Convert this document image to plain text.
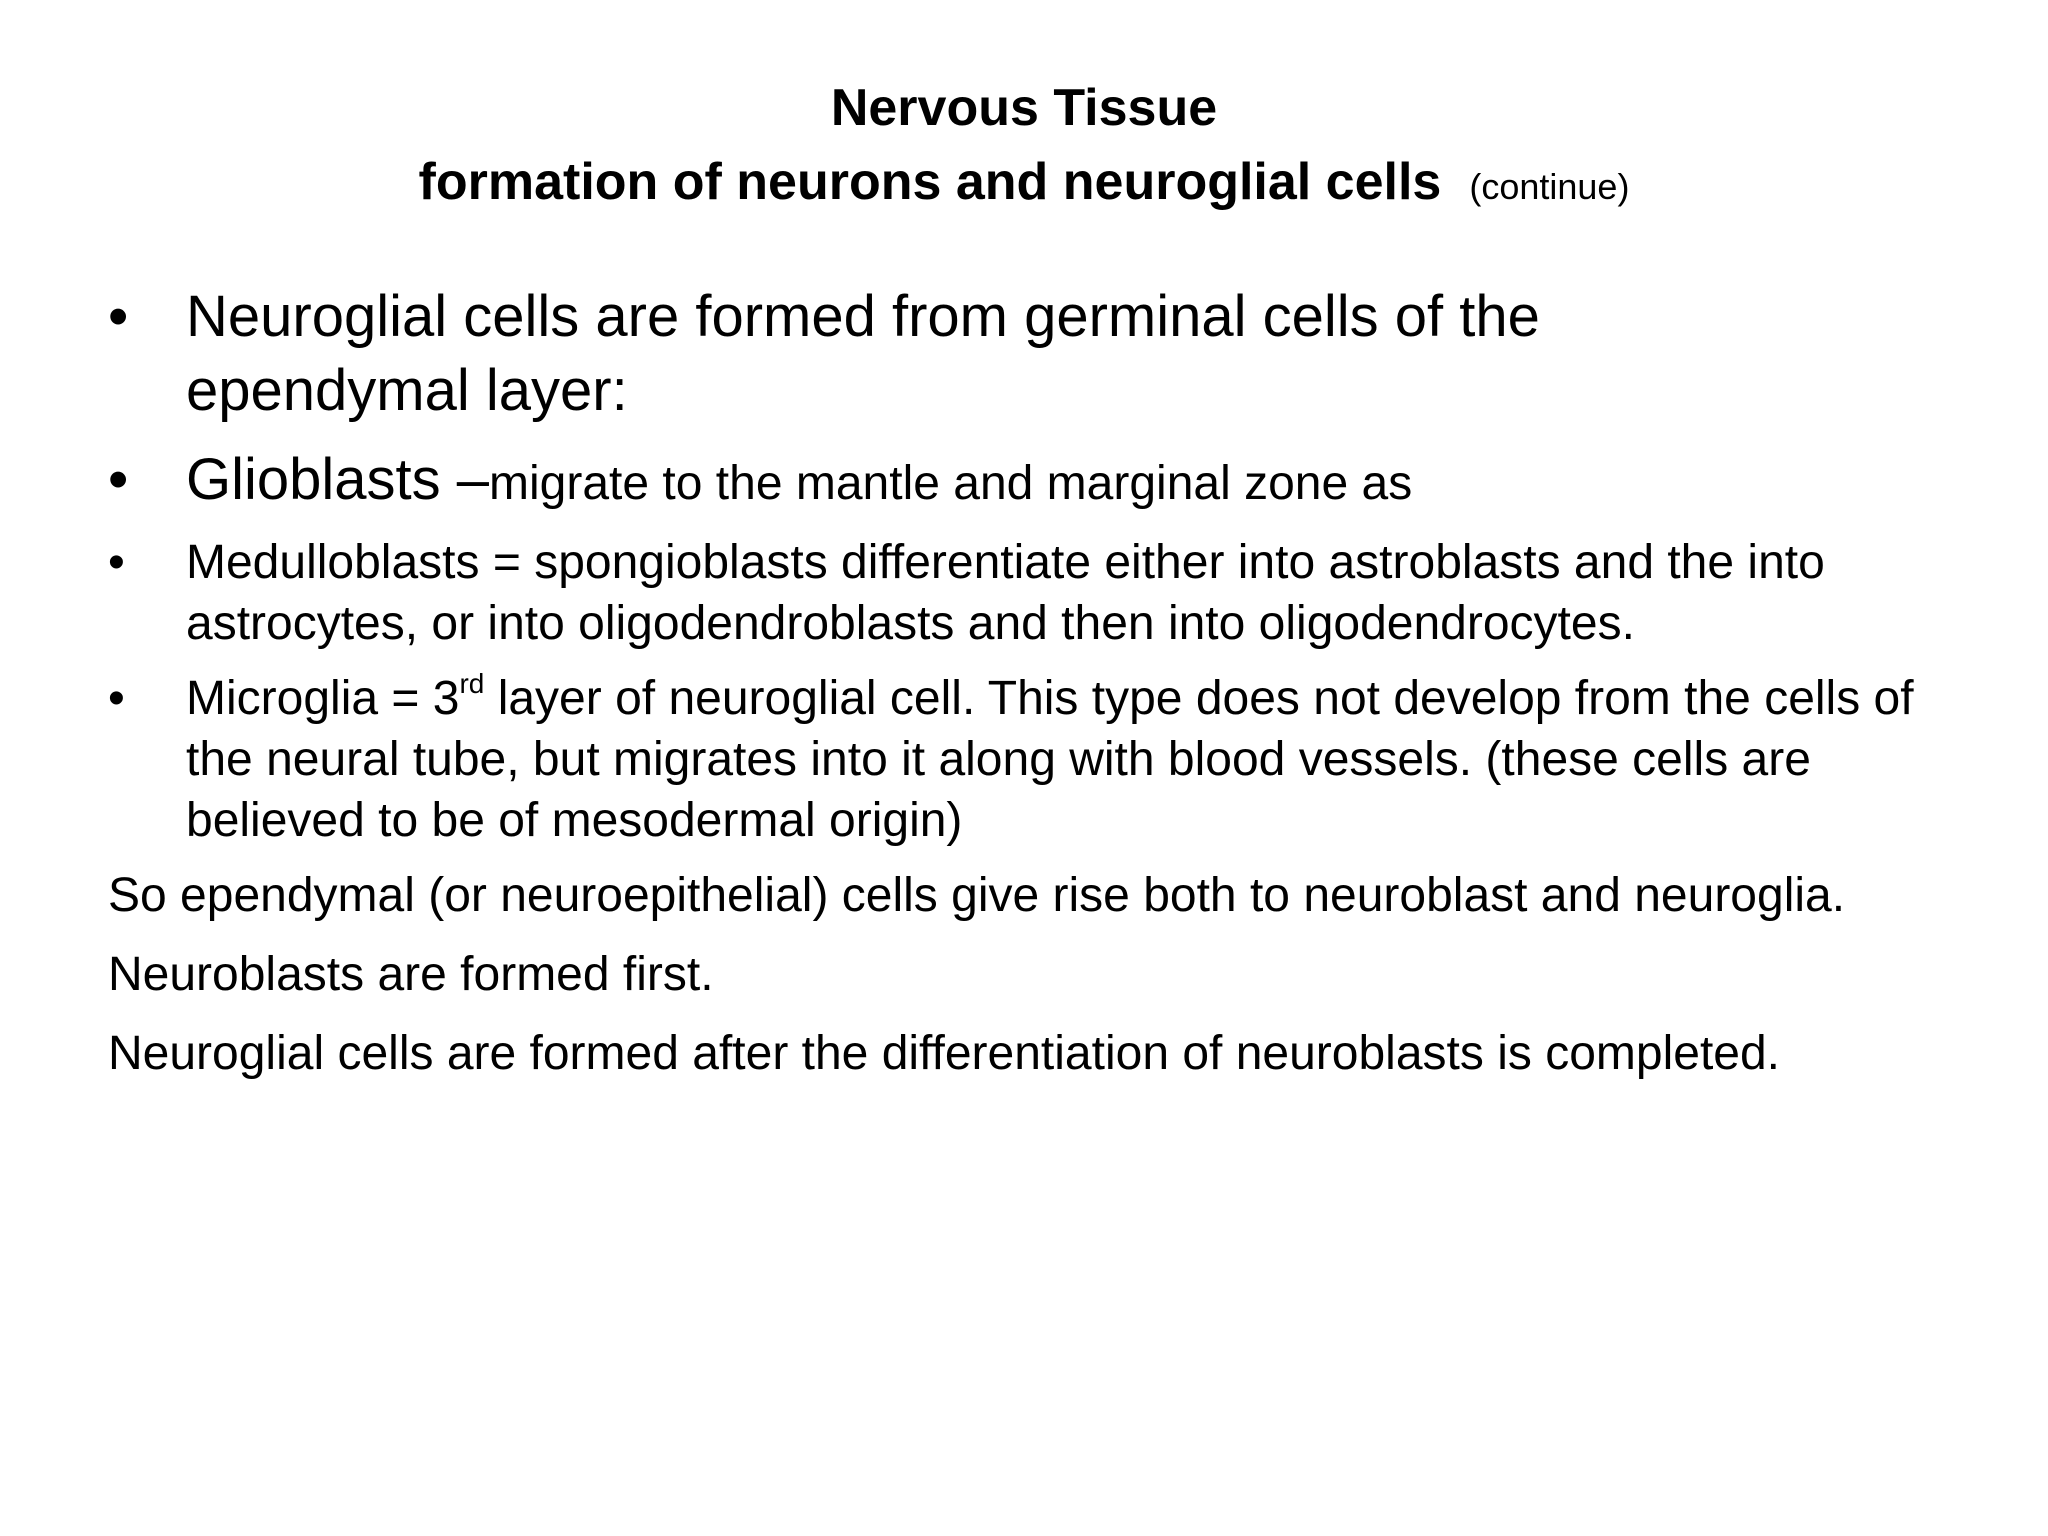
Nervous Tissue
formation of neurons and neuroglial cells (continue)

• Neuroglial cells are formed from germinal cells of the ependymal layer:

• Glioblasts –migrate to the mantle and marginal zone as

• Medulloblasts = spongioblasts differentiate either into astroblasts and the into astrocytes, or into oligodendroblasts and then into oligodendrocytes.

• Microglia = 3rd layer of neuroglial cell. This type does not develop from the cells of the neural tube, but migrates into it along with blood vessels. (these cells are believed to be of mesodermal origin)

So ependymal (or neuroepithelial) cells give rise both to neuroblast and neuroglia.

Neuroblasts are formed first.

Neuroglial cells are formed after the differentiation of neuroblasts is completed.
